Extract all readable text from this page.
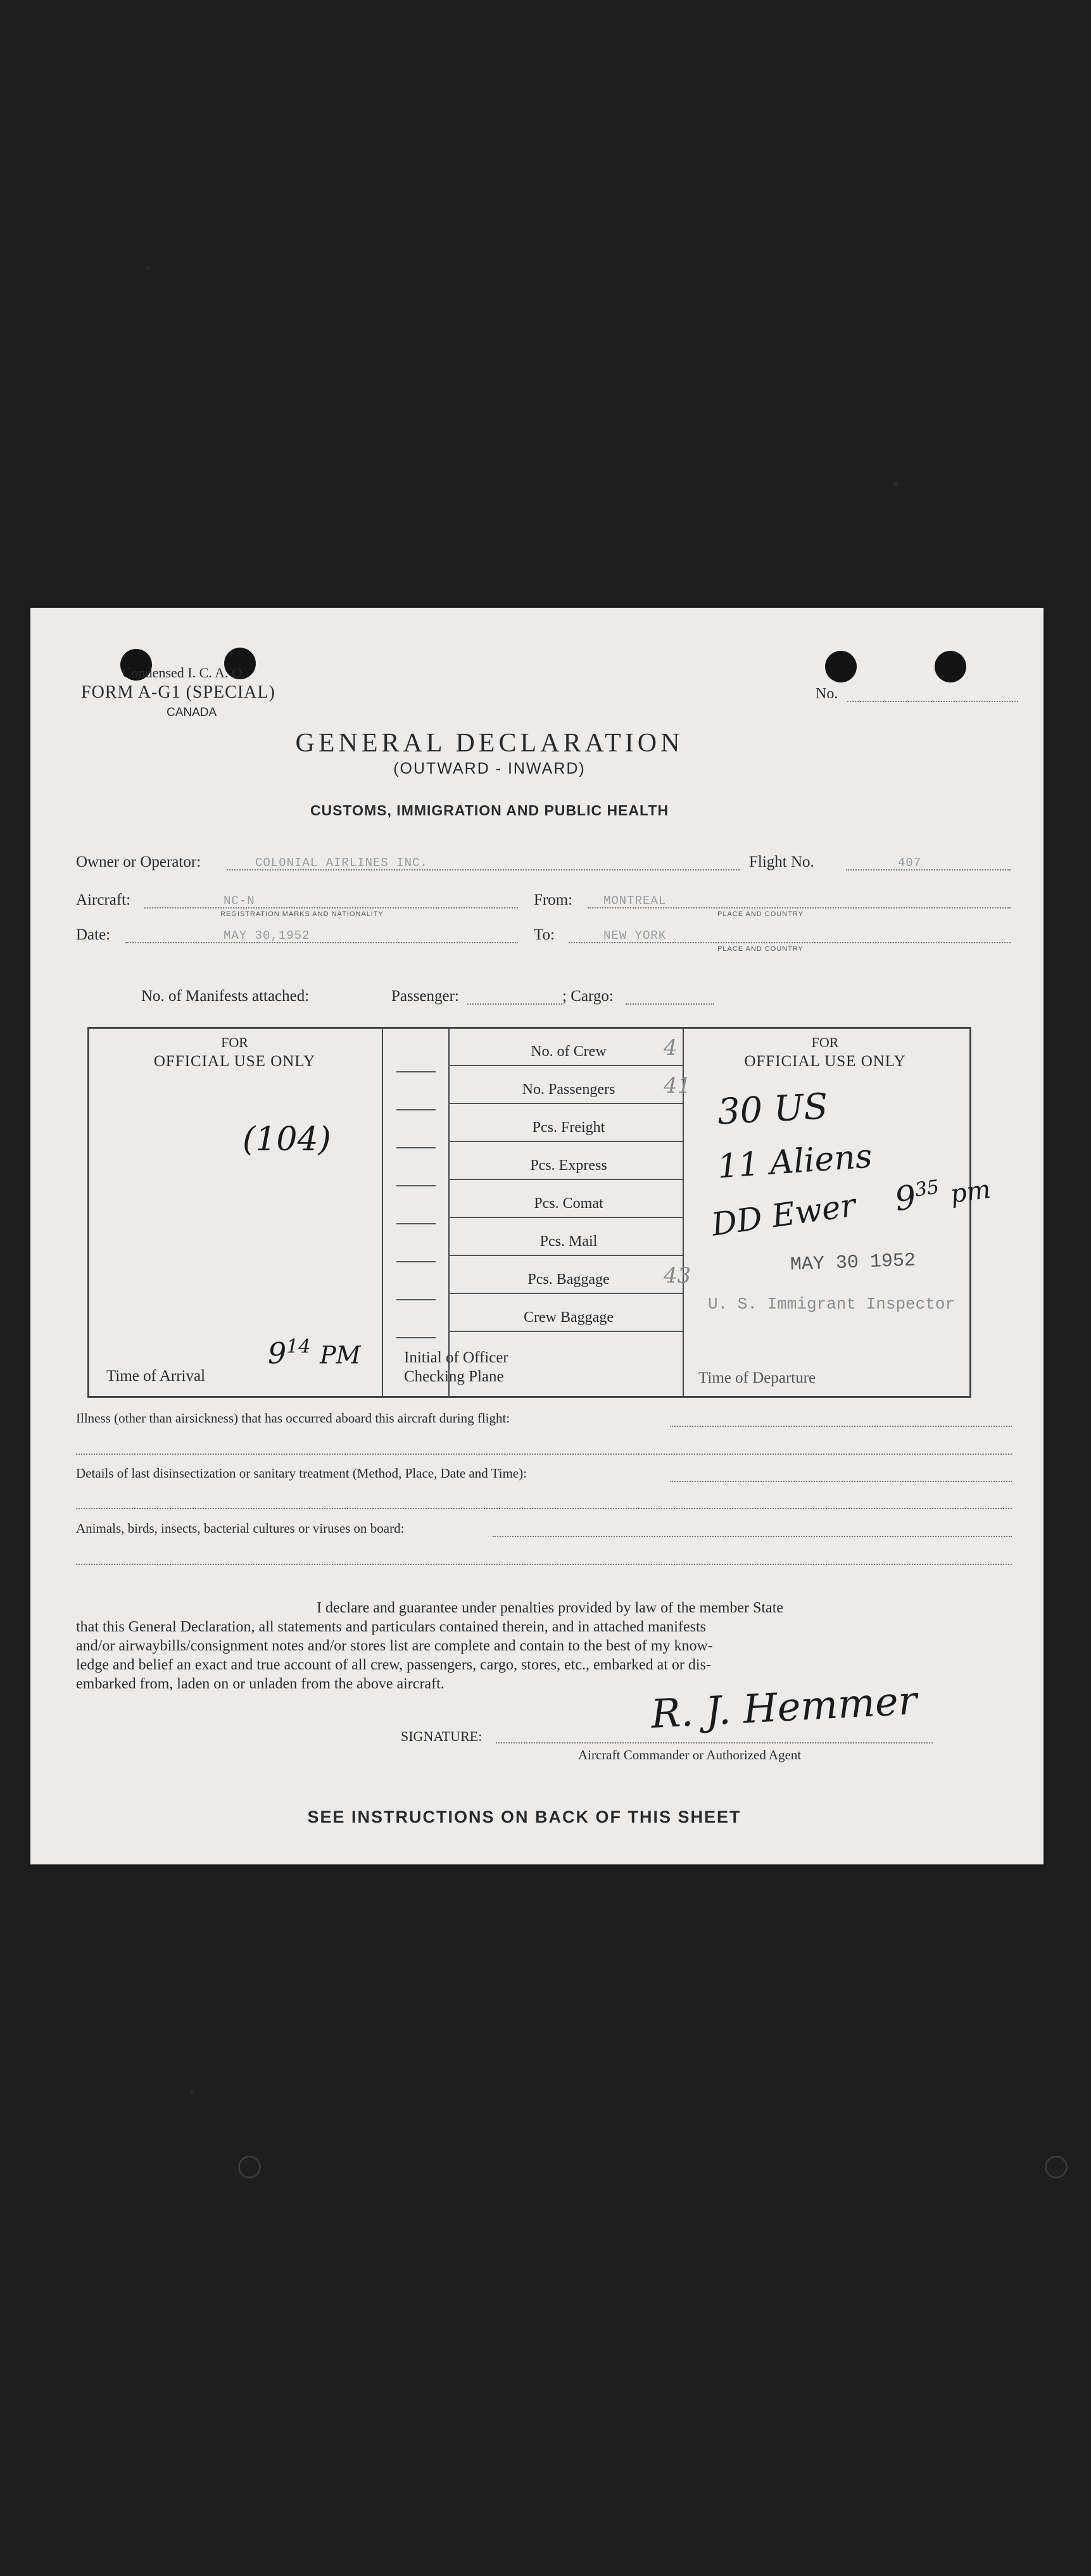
Condensed I. C. A. O.
FORM A-G1 (SPECIAL)
CANADA
No.
GENERAL DECLARATION
(OUTWARD - INWARD)
CUSTOMS, IMMIGRATION AND PUBLIC HEALTH
Owner or Operator:	COLONIAL AIRLINES INC.	Flight No.	407
Aircraft:	NC-N
REGISTRATION MARKS AND NATIONALITY
From:	MONTREAL
PLACE AND COUNTRY
Date:	MAY 30,1952	To:	NEW YORK
PLACE AND COUNTRY
No. of Manifests attached:	Passenger:	; Cargo:
FOR
OFFICIAL USE ONLY
FOR
OFFICIAL USE ONLY
No. of Crew	4
No. Passengers	41
Pcs. Freight
Pcs. Express
Pcs. Comat
Pcs. Mail
Pcs. Baggage	43
Crew Baggage
(104)
30 US
11 Aliens
DD Ewer $9^{35}$ pm
MAY 30 1952
U. S. Immigrant Inspector
Time of Arrival
$9^{14}$ PM	Initial of Officer
Checking Plane	Time of Departure
Illness (other than airsickness) that has occurred aboard this aircraft during flight:
Details of last disinsectization or sanitary treatment (Method, Place, Date and Time):
Animals, birds, insects, bacterial cultures or viruses on board:
I declare and guarantee under penalties provided by law of the member State
that this General Declaration, all statements and particulars contained therein, and in attached manifests
and/or airwaybills/consignment notes and/or stores list are complete and contain to the best of my know-
ledge and belief an exact and true account of all crew, passengers, cargo, stores, etc., embarked at or dis-
embarked from, laden on or unladen from the above aircraft.
SIGNATURE:	R. J. Hemmer
Aircraft Commander or Authorized Agent
SEE INSTRUCTIONS ON BACK OF THIS SHEET
